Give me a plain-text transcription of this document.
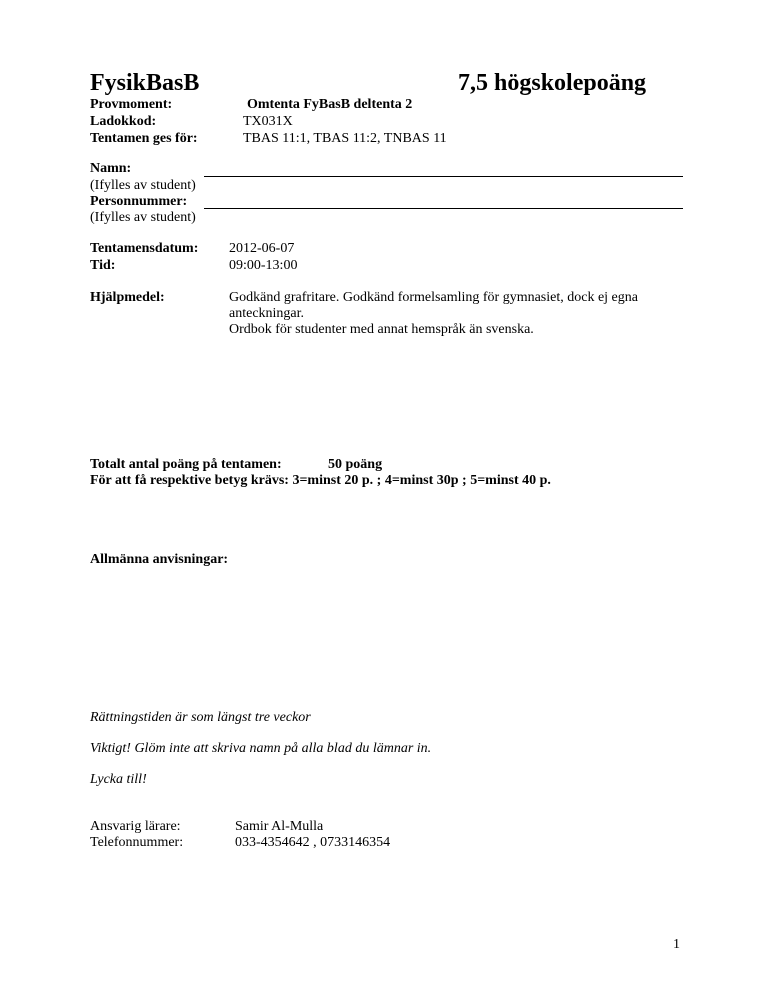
FysikBasB	7,5 högskolepoäng
Provmoment:	Omtenta FyBasB deltenta 2
Ladokkod:	TX031X
Tentamen ges för:	TBAS 11:1, TBAS 11:2, TNBAS 11
Namn:
(Ifylles av student)
Personnummer:
(Ifylles av student)
Tentamensdatum: 2012-06-07
Tid:	09:00-13:00
Hjälpmedel:	Godkänd grafritare. Godkänd formelsamling för gymnasiet, dock ej egna
anteckningar.
Ordbok för studenter med annat hemspråk än svenska.
Totalt antal poäng på tentamen:	50 poäng
För att få respektive betyg krävs: 3=minst 20 p. ; 4=minst 30p ; 5=minst 40 p.
Allmänna anvisningar:
Rättningstiden är som längst tre veckor
Viktigt! Glöm inte att skriva namn på alla blad du lämnar in.
Lycka till!
Ansvarig lärare:	Samir Al-Mulla
Telefonnummer:	033-4354642 , 0733146354
1
